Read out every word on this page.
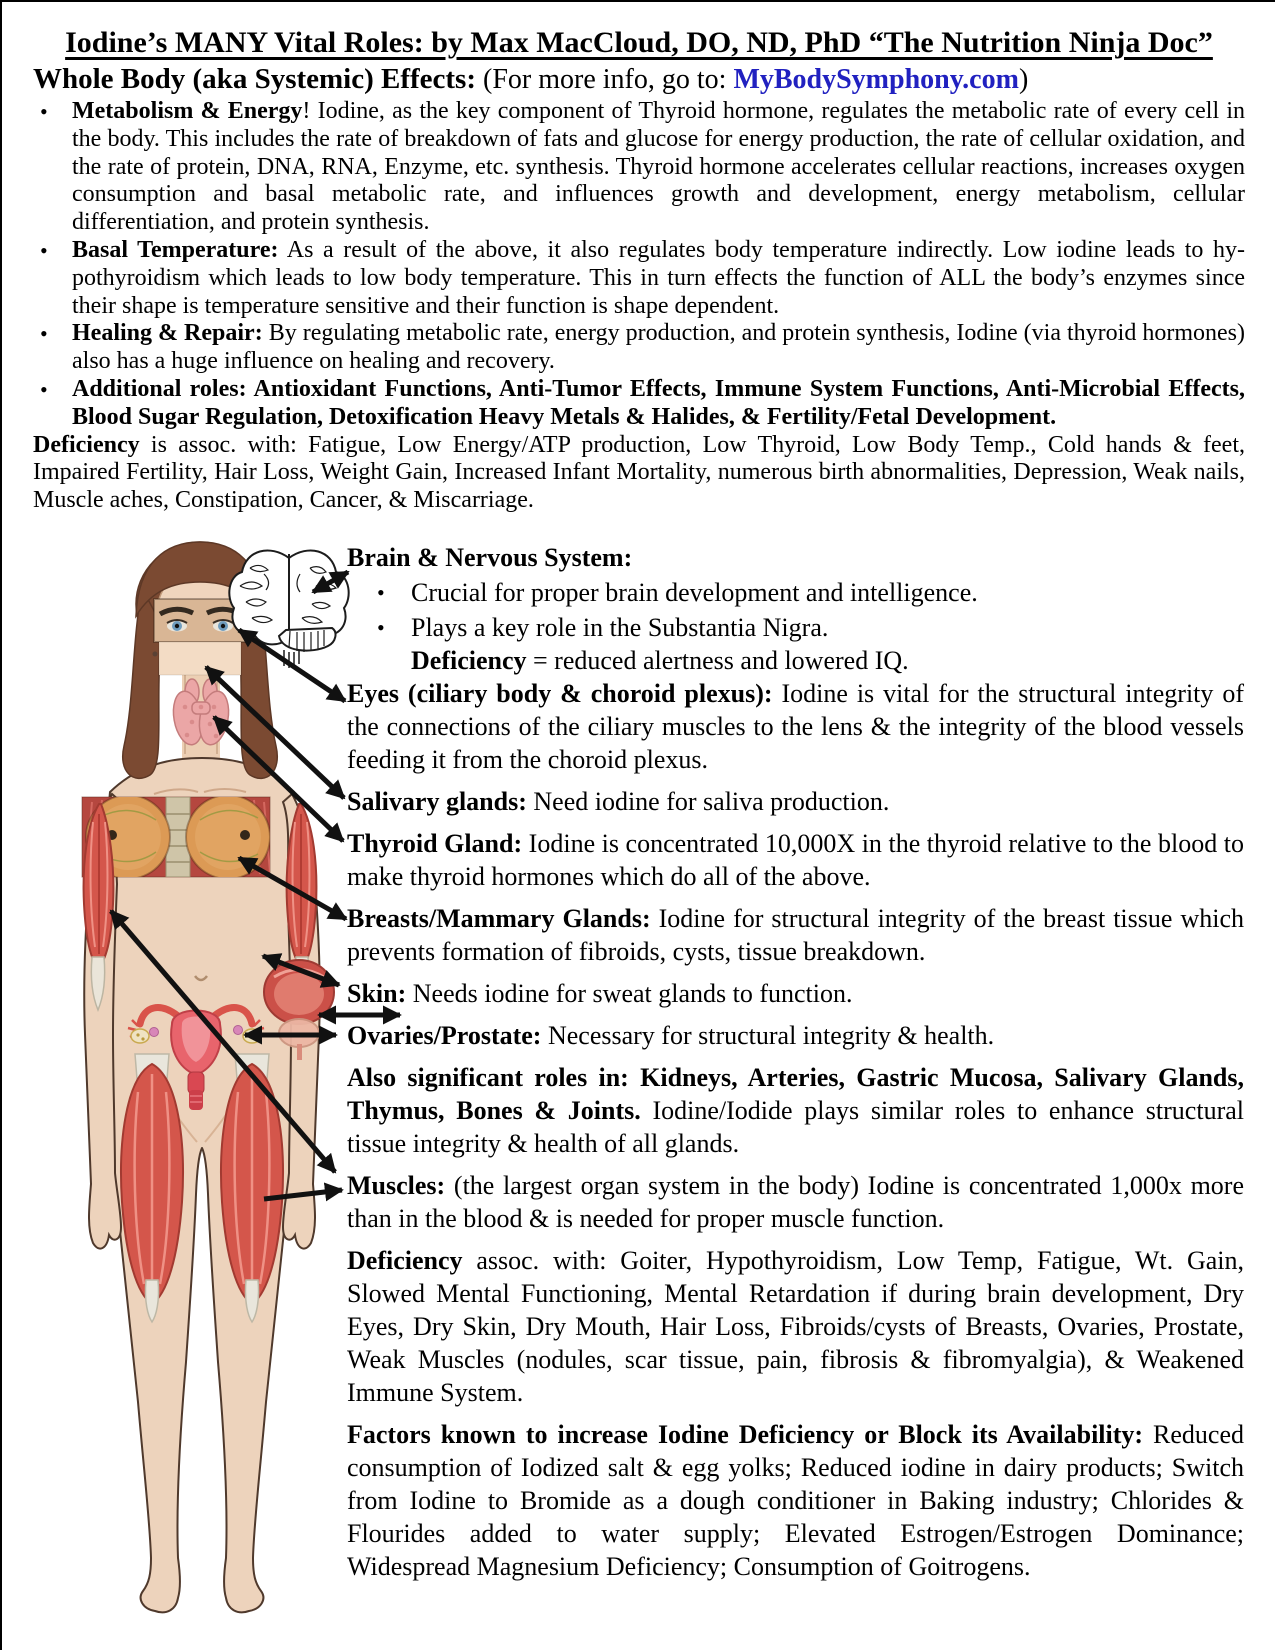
Iodine’s MANY Vital Roles: by Max MacCloud, DO, ND, PhD “The Nutrition Ninja Doc”
Whole Body (aka Systemic) Effects: (For more info, go to: MyBodySymphony.com)
• Metabolism & Energy! Iodine, as the key component of Thyroid hormone, regulates the metabolic rate of every cell in the body. This includes the rate of breakdown of fats and glucose for energy production, the rate of cellular oxidation, and the rate of protein, DNA, RNA, Enzyme, etc. synthesis. Thyroid hormone accelerates cellular reactions, increases oxygen consumption and basal metabolic rate, and influences growth and development, energy metabolism, cellular differentiation, and protein synthesis.
• Basal Temperature: As a result of the above, it also regulates body temperature indirectly. Low iodine leads to hypothyroidism which leads to low body temperature. This in turn effects the function of ALL the body’s enzymes since their shape is temperature sensitive and their function is shape dependent.
• Healing & Repair: By regulating metabolic rate, energy production, and protein synthesis, Iodine (via thyroid hormones) also has a huge influence on healing and recovery.
• Additional roles: Antioxidant Functions, Anti-Tumor Effects, Immune System Functions, Anti-Microbial Effects, Blood Sugar Regulation, Detoxification Heavy Metals & Halides, & Fertility/Fetal Development.
Deficiency is assoc. with: Fatigue, Low Energy/ATP production, Low Thyroid, Low Body Temp., Cold hands & feet, Impaired Fertility, Hair Loss, Weight Gain, Increased Infant Mortality, numerous birth abnormalities, Depression, Weak nails, Muscle aches, Constipation, Cancer, & Miscarriage.
Brain & Nervous System:
• Crucial for proper brain development and intelligence.
• Plays a key role in the Substantia Nigra.
Deficiency = reduced alertness and lowered IQ.
Eyes (ciliary body & choroid plexus): Iodine is vital for the structural integrity of the connections of the ciliary muscles to the lens & the integrity of the blood vessels feeding it from the choroid plexus.
Salivary glands: Need iodine for saliva production.
Thyroid Gland: Iodine is concentrated 10,000X in the thyroid relative to the blood to make thyroid hormones which do all of the above.
Breasts/Mammary Glands: Iodine for structural integrity of the breast tissue which prevents formation of fibroids, cysts, tissue breakdown.
Skin: Needs iodine for sweat glands to function.
Ovaries/Prostate: Necessary for structural integrity & health.
Also significant roles in: Kidneys, Arteries, Gastric Mucosa, Salivary Glands, Thymus, Bones & Joints. Iodine/Iodide plays similar roles to enhance structural tissue integrity & health of all glands.
Muscles: (the largest organ system in the body) Iodine is concentrated 1,000x more than in the blood & is needed for proper muscle function.
Deficiency assoc. with: Goiter, Hypothyroidism, Low Temp, Fatigue, Wt. Gain, Slowed Mental Functioning, Mental Retardation if during brain development, Dry Eyes, Dry Skin, Dry Mouth, Hair Loss, Fibroids/cysts of Breasts, Ovaries, Prostate, Weak Muscles (nodules, scar tissue, pain, fibrosis & fibromyalgia), & Weakened Immune System.
Factors known to increase Iodine Deficiency or Block its Availability: Reduced consumption of Iodized salt & egg yolks; Reduced iodine in dairy products; Switch from Iodine to Bromide as a dough conditioner in Baking industry; Chlorides & Flourides added to water supply; Elevated Estrogen/Estrogen Dominance; Widespread Magnesium Deficiency; Consumption of Goitrogens.
